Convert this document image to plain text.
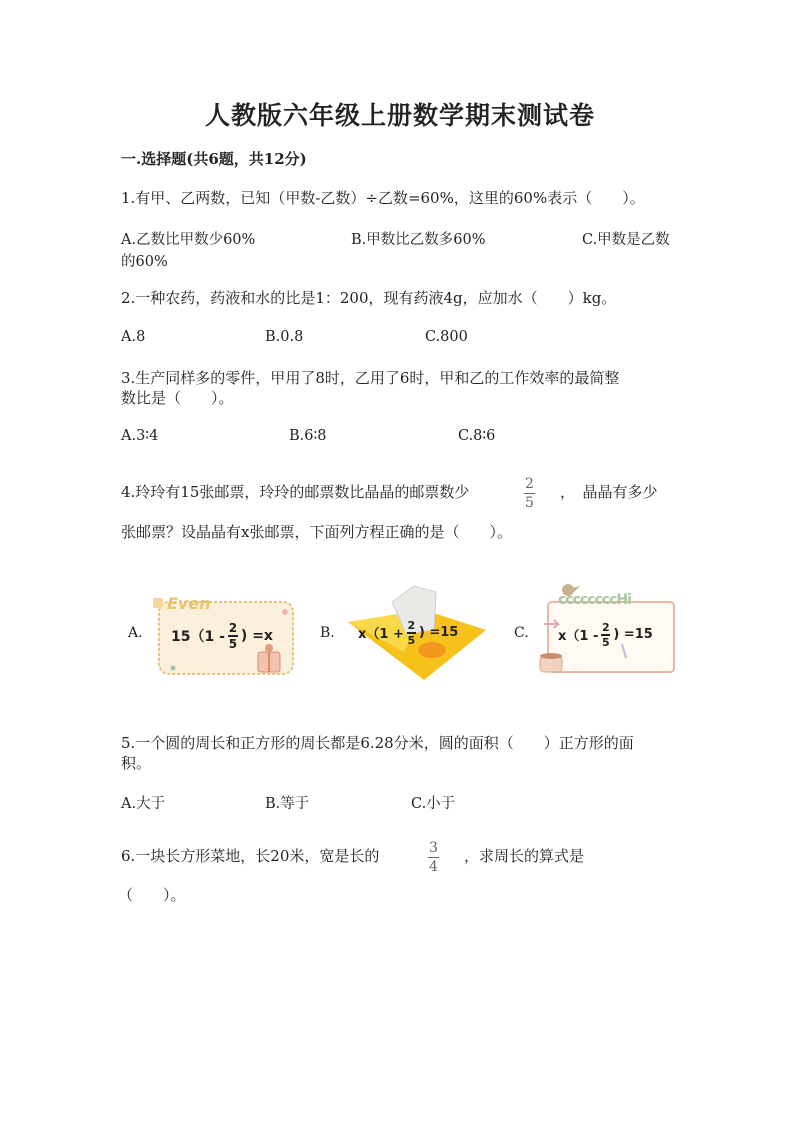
人教版六年级上册数学期末测试卷
一.选择题(共6题，共12分)
1.有甲、乙两数，已知（甲数-乙数）÷乙数=60%，这里的60%表示（　　）。
A.乙数比甲数少60%	B.甲数比乙数多60%	C.甲数是乙数
的60%
2.一种农药，药液和水的比是1：200，现有药液4g，应加水（　　）kg。
A.8	B.0.8	C.800
3.生产同样多的零件，甲用了8时，乙用了6时，甲和乙的工作效率的最简整
数比是（　　）。
A.3∶4	B.6∶8	C.8∶6
4.玲玲有15张邮票，玲玲的邮票数比晶晶的邮票数少	2
5
，　晶晶有多少
张邮票？设晶晶有x张邮票，下面列方程正确的是（　　）。
A.
Even
15（1 -
2
5 ) =x	B. x（1 +
2
5 ) =15	C.
ccccccccHi
x（1 -
2
5 ) =15
5.一个圆的周长和正方形的周长都是6.28分米，圆的面积（　　）正方形的面
积。
A.大于	B.等于	C.小于
6.一块长方形菜地，长20米，宽是长的	3
4
，求周长的算式是
（　　）。
